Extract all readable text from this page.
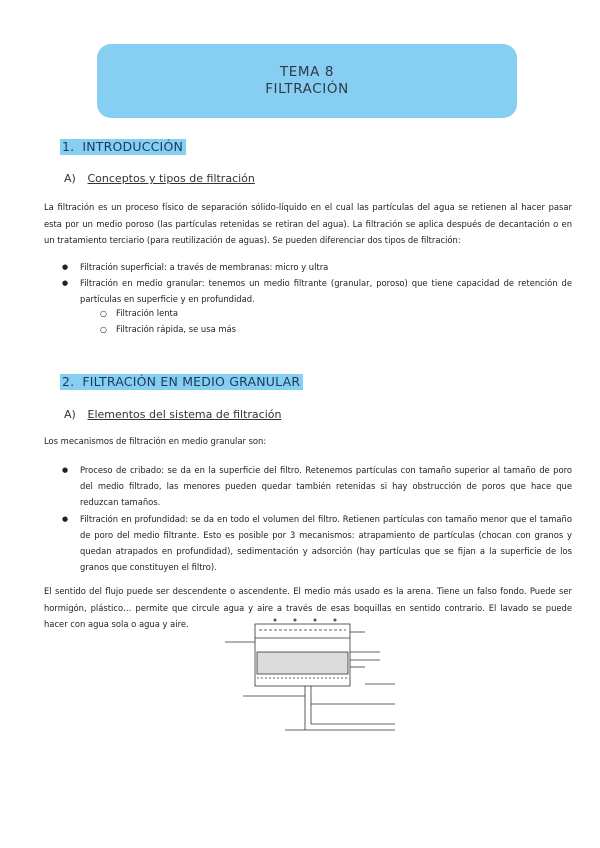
TEMA 8
FILTRACIÓN
1. INTRODUCCIÓN
A) Conceptos y tipos de filtración

La filtración es un proceso físico de separación sólido-líquido en el cual las partículas del agua se retienen al hacer pasar esta por un medio poroso (las partículas retenidas se retiran del agua). La filtración se aplica después de decantación o en un tratamiento terciario (para reutilización de aguas). Se pueden diferenciar dos tipos de filtración:

● Filtración superficial: a través de membranas: micro y ultra
● Filtración en medio granular: tenemos un medio filtrante (granular, poroso) que tiene capacidad de retención de partículas en superficie y en profundidad.
○ Filtración lenta
○ Filtración rápida, se usa más
2. FILTRACIÓN EN MEDIO GRANULAR
A) Elementos del sistema de filtración

Los mecanismos de filtración en medio granular son:

● Proceso de cribado: se da en la superficie del filtro. Retenemos partículas con tamaño superior al tamaño de poro del medio filtrado, las menores pueden quedar también retenidas si hay obstrucción de poros que hace que reduzcan tamaños.
● Filtración en profundidad: se da en todo el volumen del filtro. Retienen partículas con tamaño menor que el tamaño de poro del medio filtrante. Esto es posible por 3 mecanismos: atrapamiento de partículas (chocan con granos y quedan atrapados en profundidad), sedimentación y adsorción (hay partículas que se fijan a la superficie de los granos que constituyen el filtro).

El sentido del flujo puede ser descendente o ascendente. El medio más usado es la arena. Tiene un falso fondo. Puede ser hormigón, plástico… permite que circule agua y aire a través de esas boquillas en sentido contrario. El lavado se puede hacer con agua sola o agua y aire.
